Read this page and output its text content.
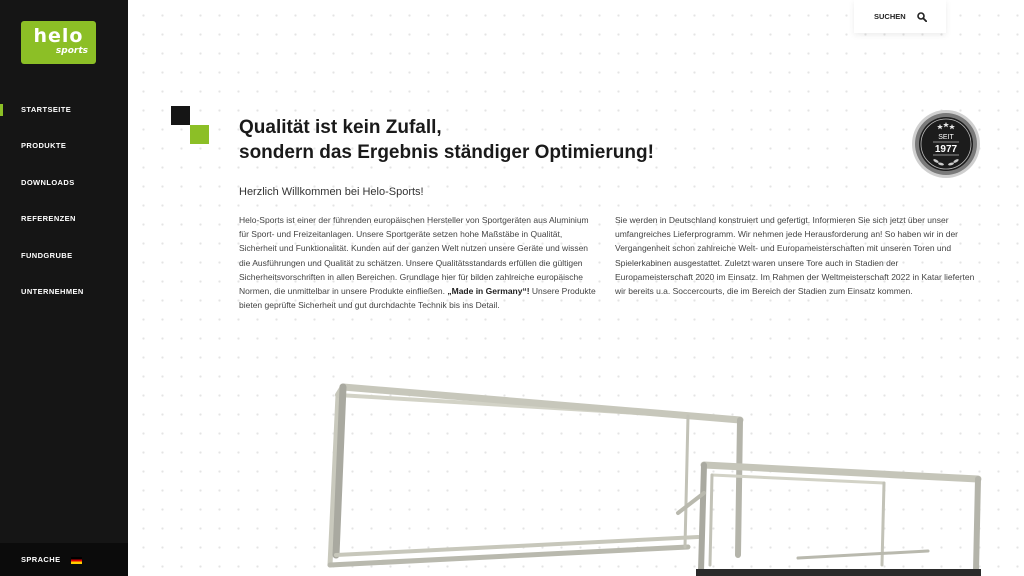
helo
sports
STARTSEITE
PRODUKTE
DOWNLOADS
REFERENZEN
FUNDGRUBE
UNTERNEHMEN
SPRACHE
SUCHEN
Qualität ist kein Zufall,
sondern das Ergebnis ständiger Optimierung!
Herzlich Willkommen bei Helo-Sports!

Helo-Sports ist einer der führenden europäischen Hersteller von Sportgeräten aus Aluminium für Sport- und Freizeitanlagen. Unsere Sportgeräte setzen hohe Maßstäbe in Qualität, Sicherheit und Funktionalität. Kunden auf der ganzen Welt nutzen unsere Geräte und wissen die Ausführungen und Qualität zu schätzen. Unsere Qualitätsstandards erfüllen die gültigen Sicherheitsvorschriften in allen Bereichen. Grundlage hier für bilden zahlreiche europäische Normen, die unmittelbar in unsere Produkte einfließen. „Made in Germany“! Unsere Produkte bieten geprüfte Sicherheit und gut durchdachte Technik bis ins Detail.

Sie werden in Deutschland konstruiert und gefertigt. Informieren Sie sich jetzt über unser umfangreiches Lieferprogramm. Wir nehmen jede Herausforderung an! So haben wir in der Vergangenheit schon zahlreiche Welt- und Europameisterschaften mit unseren Toren und Spielerkabinen ausgestattet. Zuletzt waren unsere Tore auch in Stadien der Europameisterschaft 2020 im Einsatz. Im Rahmen der Weltmeisterschaft 2022 in Katar lieferten wir bereits u.a. Soccercourts, die im Bereich der Stadien zum Einsatz kommen.

SEIT
1977
